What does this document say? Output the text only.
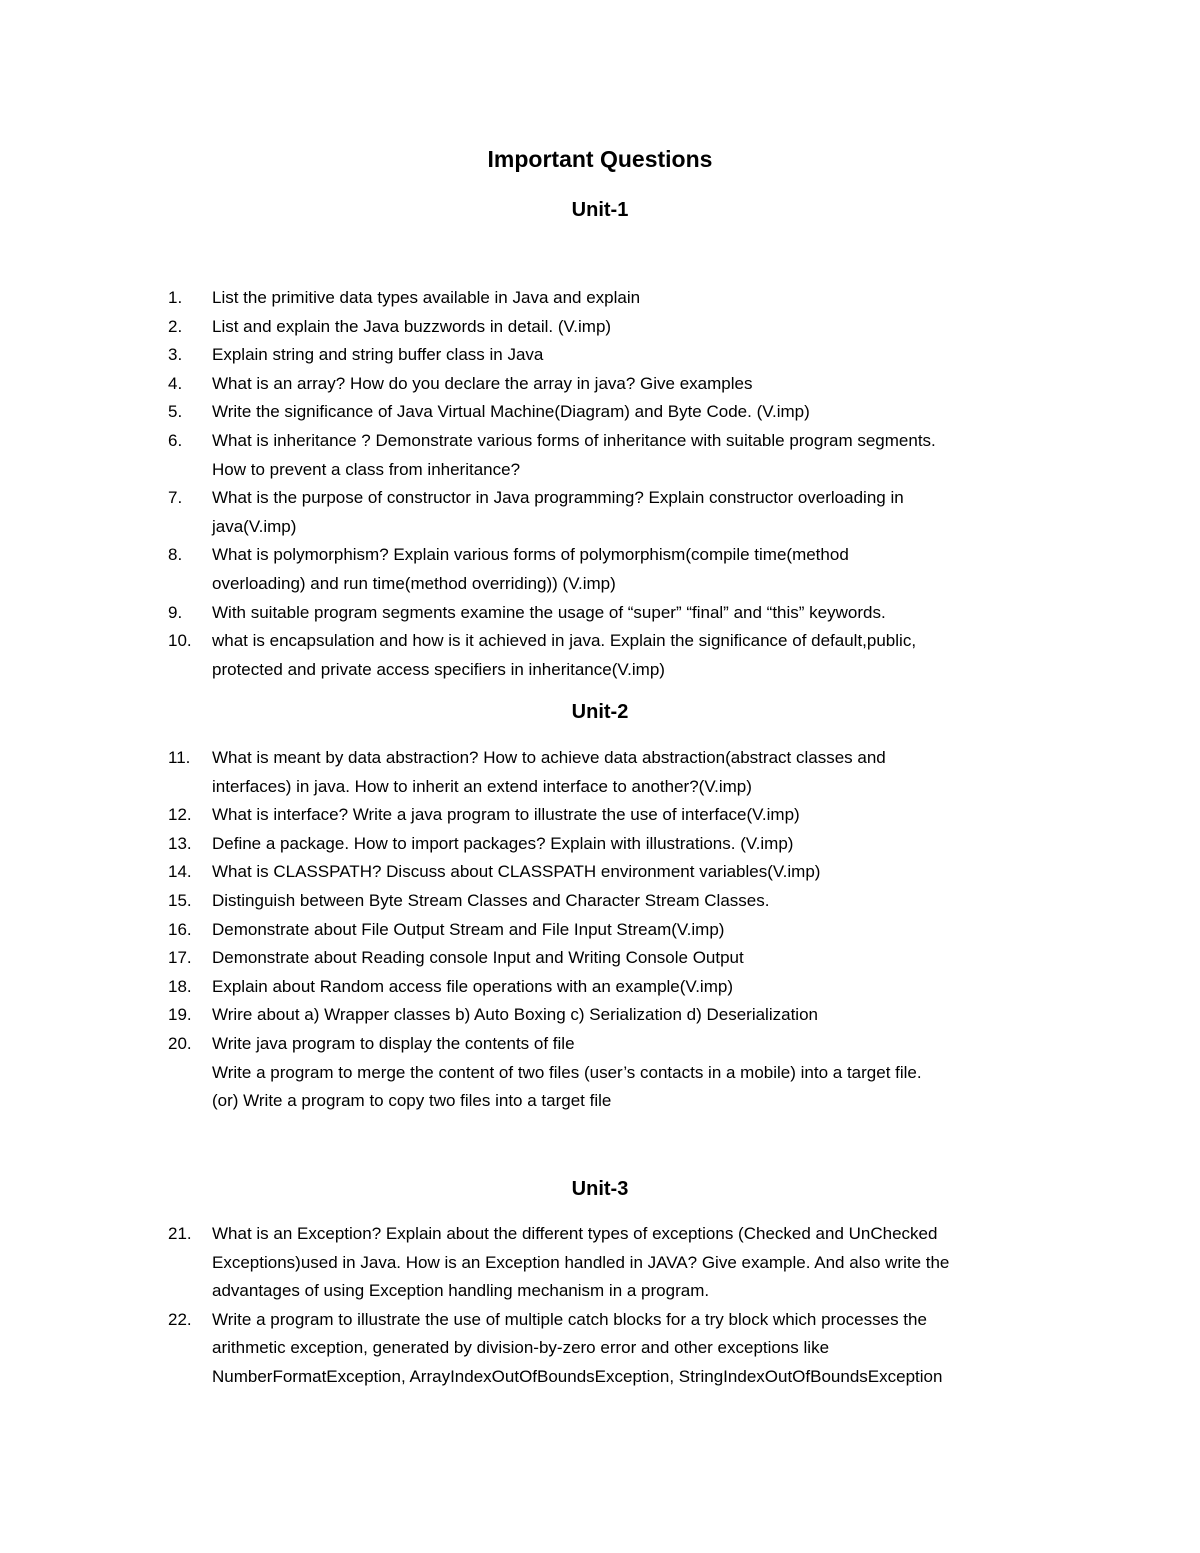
Important Questions
Unit-1
1.	List the primitive data types available in Java and explain
2.	List and explain the Java buzzwords in detail. (V.imp)
3.	Explain string and string buffer class in Java
4.	What is an array? How do you declare the array in java? Give examples
5.	Write the significance of Java Virtual Machine(Diagram) and Byte Code. (V.imp)
6.	What is inheritance ? Demonstrate various forms of inheritance with suitable program segments.
How to prevent a class from inheritance?
7.	What is the purpose of constructor in Java programming? Explain constructor overloading in
java(V.imp)
8.	What is polymorphism? Explain various forms of polymorphism(compile time(method
overloading) and run time(method overriding)) (V.imp)
9.	With suitable program segments examine the usage of “super” “final” and “this” keywords.
10.	what is encapsulation and how is it achieved in java. Explain the significance of default,public,
protected and private access specifiers in inheritance(V.imp)
Unit-2
11.	What is meant by data abstraction? How to achieve data abstraction(abstract classes and
interfaces) in java. How to inherit an extend interface to another?(V.imp)
12.	What is interface? Write a java program to illustrate the use of interface(V.imp)
13.	Define a package. How to import packages? Explain with illustrations. (V.imp)
14.	What is CLASSPATH? Discuss about CLASSPATH environment variables(V.imp)
15.	Distinguish between Byte Stream Classes and Character Stream Classes.
16.	Demonstrate about File Output Stream and File Input Stream(V.imp)
17.	Demonstrate about Reading console Input and Writing Console Output
18.	Explain about Random access file operations with an example(V.imp)
19.	Wrire about a) Wrapper classes b) Auto Boxing c) Serialization d) Deserialization
20.	Write java program to display the contents of file
Write a program to merge the content of two files (user’s contacts in a mobile) into a target file.
(or) Write a program to copy two files into a target file
Unit-3
21.	What is an Exception? Explain about the different types of exceptions (Checked and UnChecked
Exceptions)used in Java. How is an Exception handled in JAVA? Give example. And also write the
advantages of using Exception handling mechanism in a program.
22.	Write a program to illustrate the use of multiple catch blocks for a try block which processes the
arithmetic exception, generated by division-by-zero error and other exceptions like
NumberFormatException, ArrayIndexOutOfBoundsException, StringIndexOutOfBoundsException
